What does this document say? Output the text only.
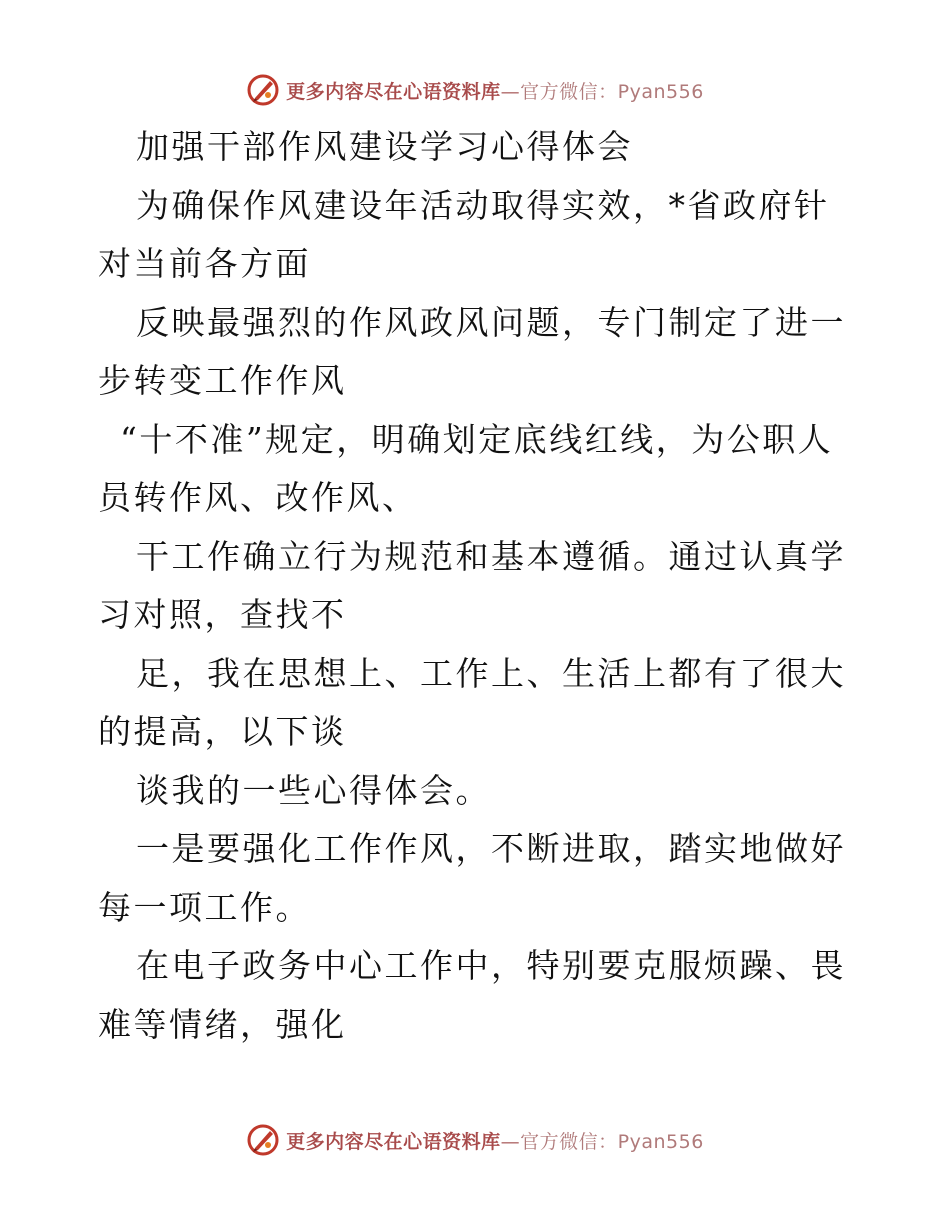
更多内容尽在心语资料库—官方微信：Pyan556

加强干部作风建设学习心得体会

为确保作风建设年活动取得实效，*省政府针对当前各方面

反映最强烈的作风政风问题，专门制定了进一步转变工作作风

“十不准”规定，明确划定底线红线，为公职人员转作风、改作风、

干工作确立行为规范和基本遵循。通过认真学习对照，查找不

足，我在思想上、工作上、生活上都有了很大的提高，以下谈

谈我的一些心得体会。

一是要强化工作作风，不断进取，踏实地做好每一项工作。

在电子政务中心工作中，特别要克服烦躁、畏难等情绪，强化

更多内容尽在心语资料库—官方微信：Pyan556
